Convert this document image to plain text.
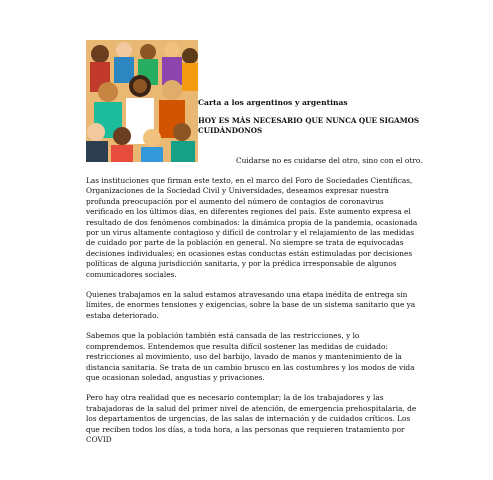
Carta a los argentinos y argentinas

HOY ES MÁS NECESARIO QUE NUNCA QUE SIGAMOS CUIDÁNDONOS

Cuidarse no es cuidarse del otro, sino con el otro.

Las instituciones que firman este texto, en el marco del Foro de Sociedades Científicas, Organizaciones de la Sociedad Civil y Universidades, deseamos expresar nuestra profunda preocupación por el aumento del número de contagios de coronavirus verificado en los últimos días, en diferentes regiones del país. Este aumento expresa el resultado de dos fenómenos combinados: la dinámica propia de la pandemia, ocasionada por un virus altamente contagioso y difícil de controlar y el relajamiento de las medidas de cuidado por parte de la población en general. No siempre se trata de equivocadas decisiones individuales; en ocasiones estas conductas están estimuladas por decisiones políticas de alguna jurisdicción sanitaria, y por la prédica irresponsable de algunos comunicadores sociales.

Quienes trabajamos en la salud estamos atravesando una etapa inédita de entrega sin límites, de enormes tensiones y exigencias, sobre la base de un sistema sanitario que ya estaba deteriorado.

Sabemos que la población también está cansada de las restricciones, y lo comprendemos. Entendemos que resulta difícil sostener las medidas de cuidado: restricciones al movimiento, uso del barbijo, lavado de manos y mantenimiento de la distancia sanitaria. Se trata de un cambio brusco en las costumbres y los modos de vida que ocasionan soledad, angustias y privaciones.

Pero hay otra realidad que es necesario contemplar; la de los trabajadores y las trabajadoras de la salud del primer nivel de atención, de emergencia prehospitalaria, de los departamentos de urgencias, de las salas de internación y de cuidados críticos. Los que reciben todos los días, a toda hora, a las personas que requieren tratamiento por COVID
